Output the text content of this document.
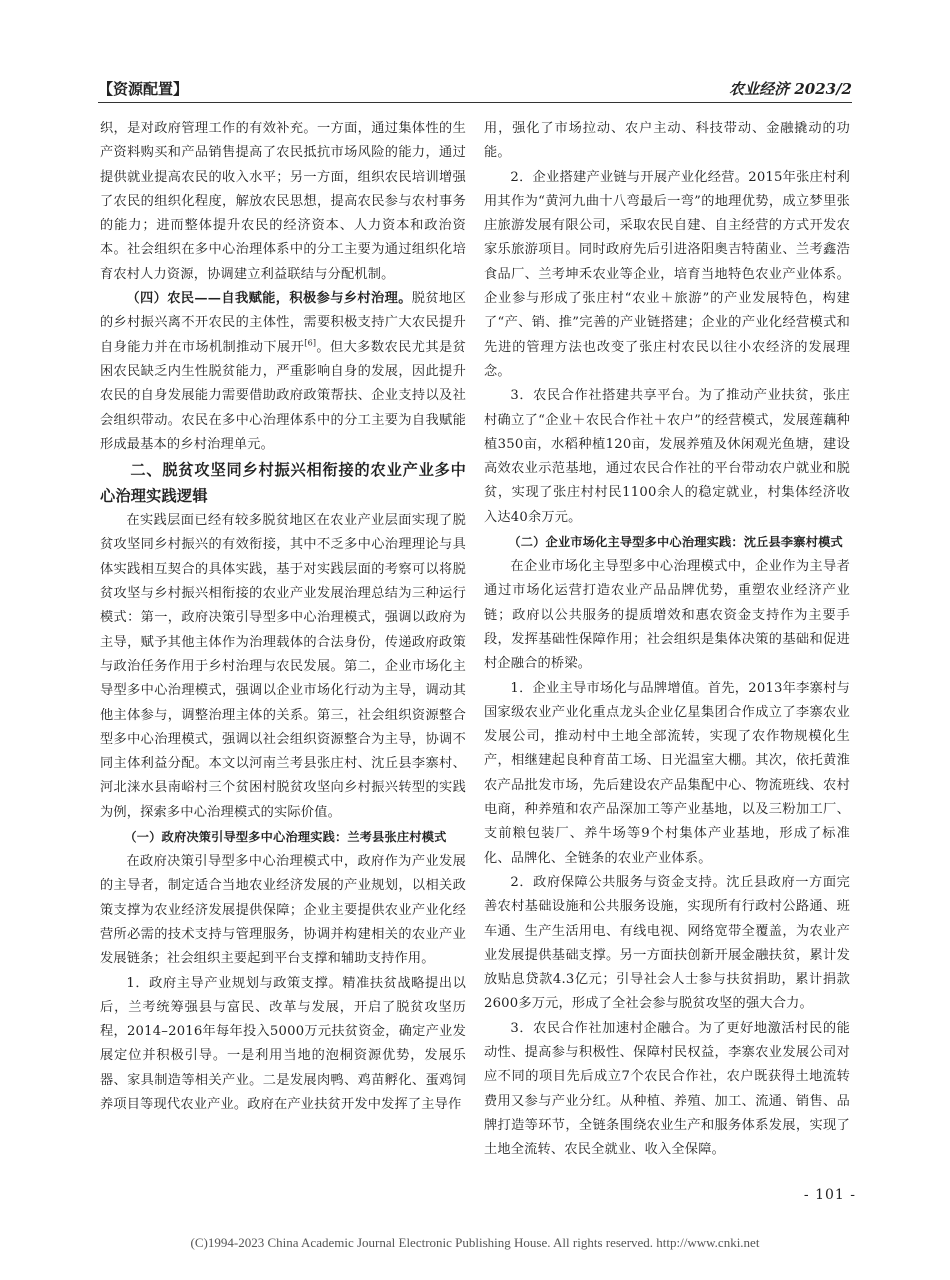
【资源配置】	农业经济 2023/2

织，是对政府管理工作的有效补充。一方面，通过集体性的生产资料购买和产品销售提高了农民抵抗市场风险的能力，通过提供就业提高农民的收入水平；另一方面，组织农民培训增强了农民的组织化程度，解放农民思想，提高农民参与农村事务的能力；进而整体提升农民的经济资本、人力资本和政治资本。社会组织在多中心治理体系中的分工主要为通过组织化培育农村人力资源，协调建立利益联结与分配机制。

（四）农民——自我赋能，积极参与乡村治理。脱贫地区的乡村振兴离不开农民的主体性，需要积极支持广大农民提升自身能力并在市场机制推动下展开[6]。但大多数农民尤其是贫困农民缺乏内生性脱贫能力，严重影响自身的发展，因此提升农民的自身发展能力需要借助政府政策帮扶、企业支持以及社会组织带动。农民在多中心治理体系中的分工主要为自我赋能形成最基本的乡村治理单元。

二、脱贫攻坚同乡村振兴相衔接的农业产业多中心治理实践逻辑

在实践层面已经有较多脱贫地区在农业产业层面实现了脱贫攻坚同乡村振兴的有效衔接，其中不乏多中心治理理论与具体实践相互契合的具体实践，基于对实践层面的考察可以将脱贫攻坚与乡村振兴相衔接的农业产业发展治理总结为三种运行模式：第一，政府决策引导型多中心治理模式，强调以政府为主导，赋予其他主体作为治理载体的合法身份，传递政府政策与政治任务作用于乡村治理与农民发展。第二，企业市场化主导型多中心治理模式，强调以企业市场化行动为主导，调动其他主体参与，调整治理主体的关系。第三，社会组织资源整合型多中心治理模式，强调以社会组织资源整合为主导，协调不同主体利益分配。本文以河南兰考县张庄村、沈丘县李寨村、河北涞水县南峪村三个贫困村脱贫攻坚向乡村振兴转型的实践为例，探索多中心治理模式的实际价值。

（一）政府决策引导型多中心治理实践：兰考县张庄村模式

在政府决策引导型多中心治理模式中，政府作为产业发展的主导者，制定适合当地农业经济发展的产业规划，以相关政策支撑为农业经济发展提供保障；企业主要提供农业产业化经营所必需的技术支持与管理服务，协调并构建相关的农业产业发展链条；社会组织主要起到平台支撑和辅助支持作用。

1．政府主导产业规划与政策支撑。精准扶贫战略提出以后，兰考统筹强县与富民、改革与发展，开启了脱贫攻坚历程，2014–2016年每年投入5000万元扶贫资金，确定产业发展定位并积极引导。一是利用当地的泡桐资源优势，发展乐器、家具制造等相关产业。二是发展肉鸭、鸡苗孵化、蛋鸡饲养项目等现代农业产业。政府在产业扶贫开发中发挥了主导作

用，强化了市场拉动、农户主动、科技带动、金融撬动的功能。

2．企业搭建产业链与开展产业化经营。2015年张庄村利用其作为“黄河九曲十八弯最后一弯”的地理优势，成立梦里张庄旅游发展有限公司，采取农民自建、自主经营的方式开发农家乐旅游项目。同时政府先后引进洛阳奥吉特菌业、兰考鑫浩食品厂、兰考坤禾农业等企业，培育当地特色农业产业体系。企业参与形成了张庄村“农业＋旅游”的产业发展特色，构建了“产、销、推”完善的产业链搭建；企业的产业化经营模式和先进的管理方法也改变了张庄村农民以往小农经济的发展理念。

3．农民合作社搭建共享平台。为了推动产业扶贫，张庄村确立了“企业＋农民合作社＋农户”的经营模式，发展莲藕种植350亩，水稻种植120亩，发展养殖及休闲观光鱼塘，建设高效农业示范基地，通过农民合作社的平台带动农户就业和脱贫，实现了张庄村村民1100余人的稳定就业，村集体经济收入达40余万元。

（二）企业市场化主导型多中心治理实践：沈丘县李寨村模式

在企业市场化主导型多中心治理模式中，企业作为主导者通过市场化运营打造农业产品品牌优势，重塑农业经济产业链；政府以公共服务的提质增效和惠农资金支持作为主要手段，发挥基础性保障作用；社会组织是集体决策的基础和促进村企融合的桥梁。

1．企业主导市场化与品牌增值。首先，2013年李寨村与国家级农业产业化重点龙头企业亿星集团合作成立了李寨农业发展公司，推动村中土地全部流转，实现了农作物规模化生产，相继建起良种育苗工场、日光温室大棚。其次，依托黄淮农产品批发市场，先后建设农产品集配中心、物流班线、农村电商，种养殖和农产品深加工等产业基地，以及三粉加工厂、支前粮包装厂、养牛场等9个村集体产业基地，形成了标准化、品牌化、全链条的农业产业体系。

2．政府保障公共服务与资金支持。沈丘县政府一方面完善农村基础设施和公共服务设施，实现所有行政村公路通、班车通、生产生活用电、有线电视、网络宽带全覆盖，为农业产业发展提供基础支撑。另一方面扶创新开展金融扶贫，累计发放贴息贷款4.3亿元；引导社会人士参与扶贫捐助，累计捐款2600多万元，形成了全社会参与脱贫攻坚的强大合力。

3．农民合作社加速村企融合。为了更好地激活村民的能动性、提高参与积极性、保障村民权益，李寨农业发展公司对应不同的项目先后成立7个农民合作社，农户既获得土地流转费用又参与产业分红。从种植、养殖、加工、流通、销售、品牌打造等环节，全链条围绕农业生产和服务体系发展，实现了土地全流转、农民全就业、收入全保障。

- 101 -
(C)1994-2023 China Academic Journal Electronic Publishing House. All rights reserved. http://www.cnki.net
